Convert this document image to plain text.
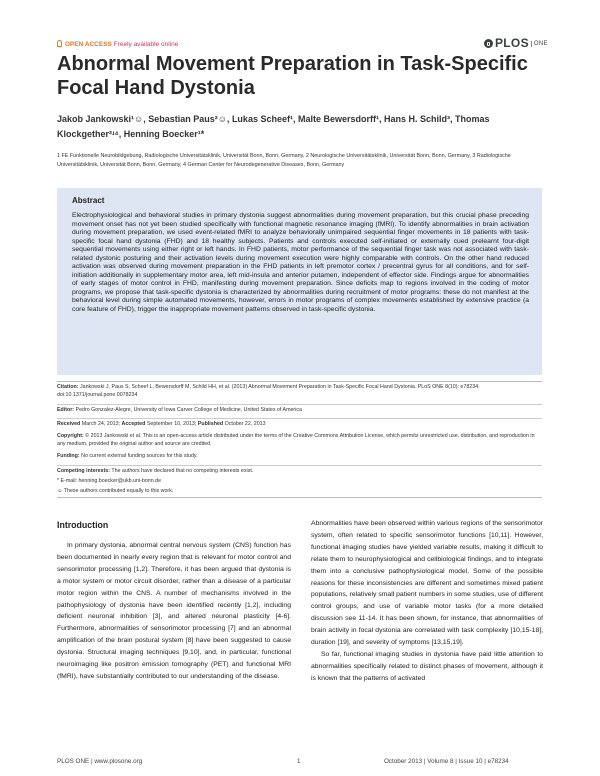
OPEN ACCESS Freely available online	PLOS ONE
Abnormal Movement Preparation in Task-Specific Focal Hand Dystonia
Jakob Jankowski¹☺, Sebastian Paus²☺, Lukas Scheef¹, Malte Bewersdorff¹, Hans H. Schild³, Thomas Klockgether²ʴ⁴, Henning Boecker¹*
1 FE Funktionelle Neurobildgebung, Radiologische Universitätsklinik, Universität Bonn, Bonn, Germany, 2 Neurologische Universitätsklinik, Universität Bonn, Bonn, Germany, 3 Radiologische Universitätsklinik, Universität Bonn, Bonn, Germany, 4 German Center for Neurodegenerative Diseases, Bonn, Germany
Abstract
Electrophysiological and behavioral studies in primary dystonia suggest abnormalities during movement preparation, but this crucial phase preceding movement onset has not yet been studied specifically with functional magnetic resonance imaging (fMRI). To identify abnormalities in brain activation during movement preparation, we used event-related fMRI to analyze behaviorally unimpaired sequential finger movements in 18 patients with task-specific focal hand dystonia (FHD) and 18 healthy subjects. Patients and controls executed self-initiated or externally cued prelearnt four-digit sequential movements using either right or left hands. In FHD patients, motor performance of the sequential finger task was not associated with task-related dystonic posturing and their activation levels during movement execution were highly comparable with controls. On the other hand reduced activation was observed during movement preparation in the FHD patients in left premotor cortex / precentral gyrus for all conditions, and for self-initiation additionally in supplementary motor area, left mid-insula and anterior putamen, independent of effector side. Findings argue for abnormalities of early stages of motor control in FHD, manifesting during movement preparation. Since deficits map to regions involved in the coding of motor programs, we propose that task-specific dystonia is characterized by abnormalities during recruitment of motor programs: these do not manifest at the behavioral level during simple automated movements, however, errors in motor programs of complex movements established by extensive practice (a core feature of FHD), trigger the inappropriate movement patterns observed in task-specific dystonia.
Citation: Jankowski J, Paus S, Scheef L, Bewersdorff M, Schild HH, et al. (2013) Abnormal Movement Preparation in Task-Specific Focal Hand Dystonia. PLoS ONE 8(10): e78234. doi:10.1371/journal.pone.0078234
Editor: Pedro Gonzalez-Alegre, University of Iowa Carver College of Medicine, United States of America
Received March 24, 2013; Accepted September 10, 2013; Published October 22, 2013
Copyright: © 2013 Jankowski et al. This is an open-access article distributed under the terms of the Creative Commons Attribution License, which permits unrestricted use, distribution, and reproduction in any medium, provided the original author and source are credited.
Funding: No current external funding sources for this study.
Competing interests: The authors have declared that no competing interests exist.
* E-mail: henning.boecker@ukb.uni-bonn.de
☺ These authors contributed equally to this work.
Introduction

In primary dystonia, abnormal central nervous system (CNS) function has been documented in nearly every region that is relevant for motor control and sensorimotor processing [1,2]. Therefore, it has been argued that dystonia is a motor system or motor circuit disorder, rather than a disease of a particular motor region within the CNS. A number of mechanisms involved in the pathophysiology of dystonia have been identified recently [1,2], including deficient neuronal inhibition [3], and altered neuronal plasticity [4-6]. Furthermore, abnormalities of sensorimotor processing [7] and an abnormal amplification of the brain postural system [8] have been suggested to cause dystonia. Structural imaging techniques [9,10], and, in particular, functional neuroimaging like positron emission tomography (PET) and functional MRI (fMRI), have substantially contributed to our understanding of the disease.

Abnormalities have been observed within various regions of the sensorimotor system, often related to specific sensorimotor functions [10,11]. However, functional imaging studies have yielded variable results, making it difficult to relate them to neurophysiological and cellbiological findings, and to integrate them into a conclusive pathophysiological model. Some of the possible reasons for these inconsistencies are different and sometimes mixed patient populations, relatively small patient numbers in some studies, use of different control groups, and use of variable motor tasks (for a more detailed discussion see 11-14. It has been shown, for instance, that abnormalities of brain activity in focal dystonia are correlated with task complexity [10,15-18], duration [19], and severity of symptoms [13,15,19].

So far, functional imaging studies in dystonia have paid little attention to abnormalities specifically related to distinct phases of movement, although it is known that the patterns of activated

PLOS ONE | www.plosone.org	1	October 2013 | Volume 8 | Issue 10 | e78234
